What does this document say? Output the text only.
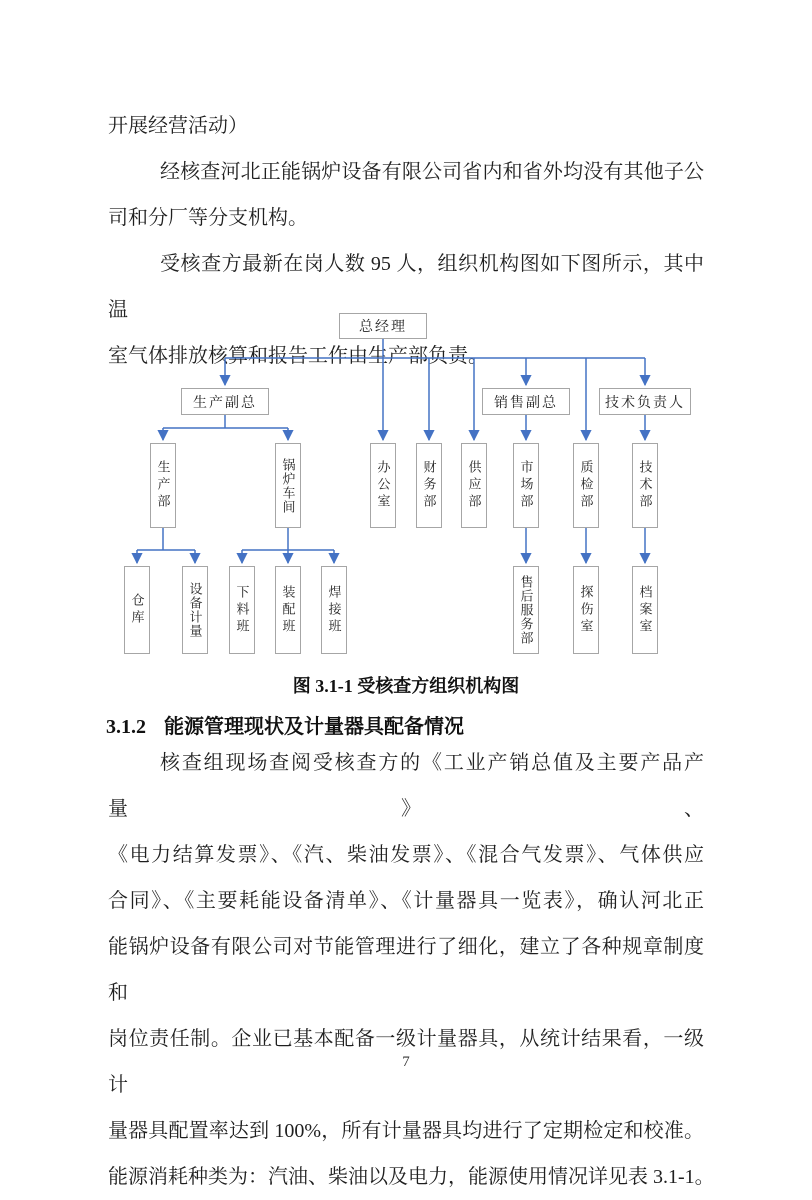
开展经营活动）
经核查河北正能锅炉设备有限公司省内和省外均没有其他子公
司和分厂等分支机构。
受核查方最新在岗人数 95 人，组织机构图如下图所示，其中温
室气体排放核算和报告工作由生产部负责。
总经理
生产副总	销售副总	技术负责人
生产部	锅炉车间	办公室 财务部 供应部	市场部	质检部	技术部
仓库	设备计量 下料班 装配班 焊接班	售后服务部	探伤室	档案室
图 3.1-1 受核查方组织机构图
3.1.2 能源管理现状及计量器具配备情况
核查组现场查阅受核查方的《工业产销总值及主要产品产量》、
《电力结算发票》、《汽、柴油发票》、《混合气发票》、气体供应
合同》、《主要耗能设备清单》、《计量器具一览表》，确认河北正
能锅炉设备有限公司对节能管理进行了细化，建立了各种规章制度和
岗位责任制。企业已基本配备一级计量器具，从统计结果看，一级计
量器具配置率达到 100%，所有计量器具均进行了定期检定和校准。
能源消耗种类为：汽油、柴油以及电力，能源使用情况详见表 3.1-1。
7
